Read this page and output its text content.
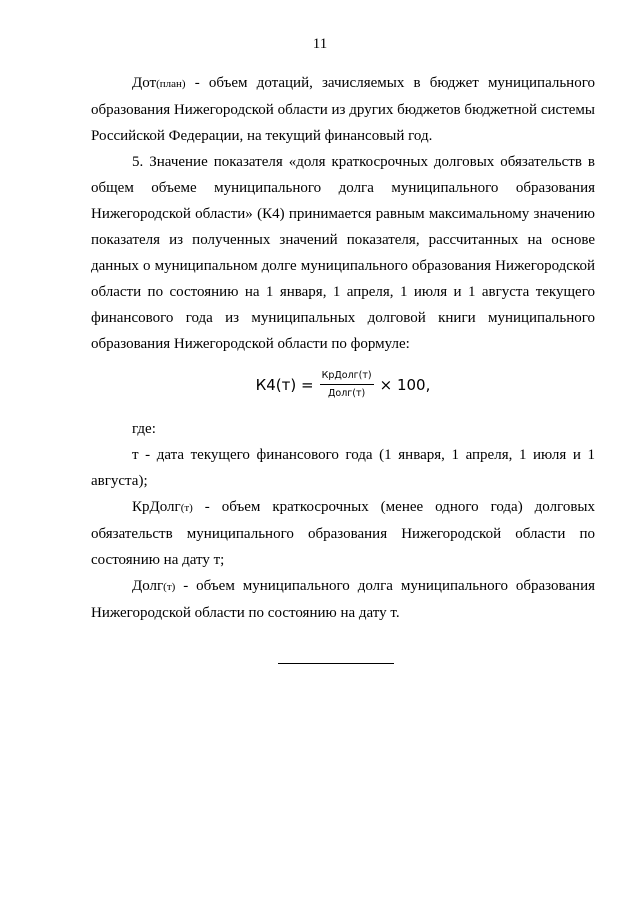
11

Дот(план) - объем дотаций, зачисляемых в бюджет муниципального образования Нижегородской области из других бюджетов бюджетной системы Российской Федерации, на текущий финансовый год.

5. Значение показателя «доля краткосрочных долговых обязательств в общем объеме муниципального долга муниципального образования Нижегородской области» (К4) принимается равным максимальному значению показателя из полученных значений показателя, рассчитанных на основе данных о муниципальном долге муниципального образования Нижегородской области по состоянию на 1 января, 1 апреля, 1 июля и 1 августа текущего финансового года из муниципальных долговой книги муниципального образования Нижегородской области по формуле:

$К4(т) = \frac{\text{КрДолг(т)}}{\text{Долг(т)}} \times 100$,

где:

т - дата текущего финансового года (1 января, 1 апреля, 1 июля и 1 августа);

КрДолг(т) - объем краткосрочных (менее одного года) долговых обязательств муниципального образования Нижегородской области по состоянию на дату т;

Долг(т) - объем муниципального долга муниципального образования Нижегородской области по состоянию на дату т.
